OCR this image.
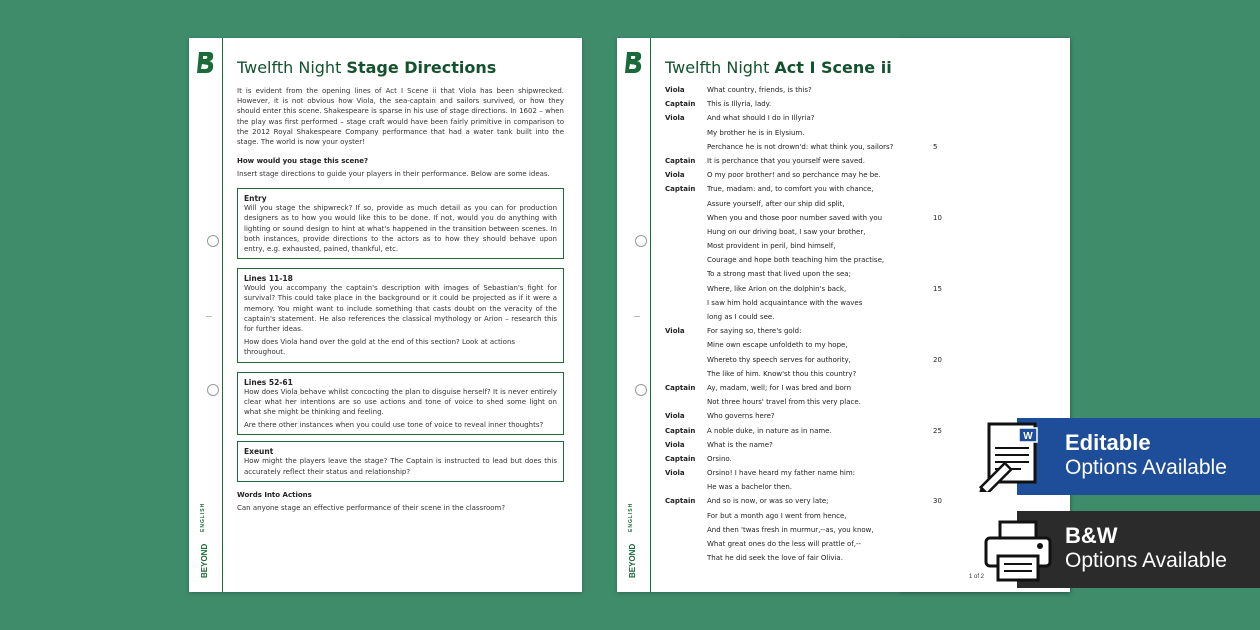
BEYOND
ENGLISH
Twelfth Night Stage Directions
It is evident from the opening lines of Act I Scene ii that Viola has been shipwrecked. However, it is not obvious how Viola, the sea-captain and sailors survived, or how they should enter this scene. Shakespeare is sparse in his use of stage directions. In 1602 – when the play was first performed – stage craft would have been fairly primitive in comparison to the 2012 Royal Shakespeare Company performance that had a water tank built into the stage. The world is now your oyster!
How would you stage this scene?
Insert stage directions to guide your players in their performance. Below are some ideas.
Entry
Will you stage the shipwreck? If so, provide as much detail as you can for production designers as to how you would like this to be done. If not, would you do anything with lighting or sound design to hint at what's happened in the transition between scenes. In both instances, provide directions to the actors as to how they should behave upon entry, e.g. exhausted, pained, thankful, etc.
Lines 11-18
Would you accompany the captain's description with images of Sebastian's fight for survival? This could take place in the background or it could be projected as if it were a memory. You might want to include something that casts doubt on the veracity of the captain's statement. He also references the classical mythology or Arion – research this for further ideas.
How does Viola hand over the gold at the end of this section? Look at actions throughout.
Lines 52-61
How does Viola behave whilst concocting the plan to disguise herself? It is never entirely clear what her intentions are so use actions and tone of voice to shed some light on what she might be thinking and feeling.
Are there other instances when you could use tone of voice to reveal inner thoughts?
Exeunt
How might the players leave the stage? The Captain is instructed to lead but does this accurately reflect their status and relationship?
Words Into Actions
Can anyone stage an effective performance of their scene in the classroom?
BEYOND
ENGLISH
Twelfth Night Act I Scene ii
Viola	What country, friends, is this?
Captain This is Illyria, lady.
Viola	And what should I do in Illyria?
My brother he is in Elysium.
Perchance he is not drown'd: what think you, sailors?	5
Captain It is perchance that you yourself were saved.
Viola	O my poor brother! and so perchance may he be.
Captain True, madam: and, to comfort you with chance,
Assure yourself, after our ship did split,
When you and those poor number saved with you	10
Hung on our driving boat, I saw your brother,
Most provident in peril, bind himself,
Courage and hope both teaching him the practise,
To a strong mast that lived upon the sea;
Where, like Arion on the dolphin's back,	15
I saw him hold acquaintance with the waves
long as I could see.
Viola	For saying so, there's gold:
Mine own escape unfoldeth to my hope,
Whereto thy speech serves for authority,	20
The like of him. Know'st thou this country?
Captain Ay, madam, well; for I was bred and born
Not three hours' travel from this very place.
Viola	Who governs here?
Captain A noble duke, in nature as in name.	25
Viola	What is the name?
Captain Orsino.
Viola	Orsino! I have heard my father name him:
He was a bachelor then.
Captain And so is now, or was so very late;	30
For but a month ago I went from hence,
And then 'twas fresh in murmur,--as, you know,
What great ones do the less will prattle of,--
That he did seek the love of fair Olivia.
1 of 2
Editable
Options Available
W
B&W
Options Available
